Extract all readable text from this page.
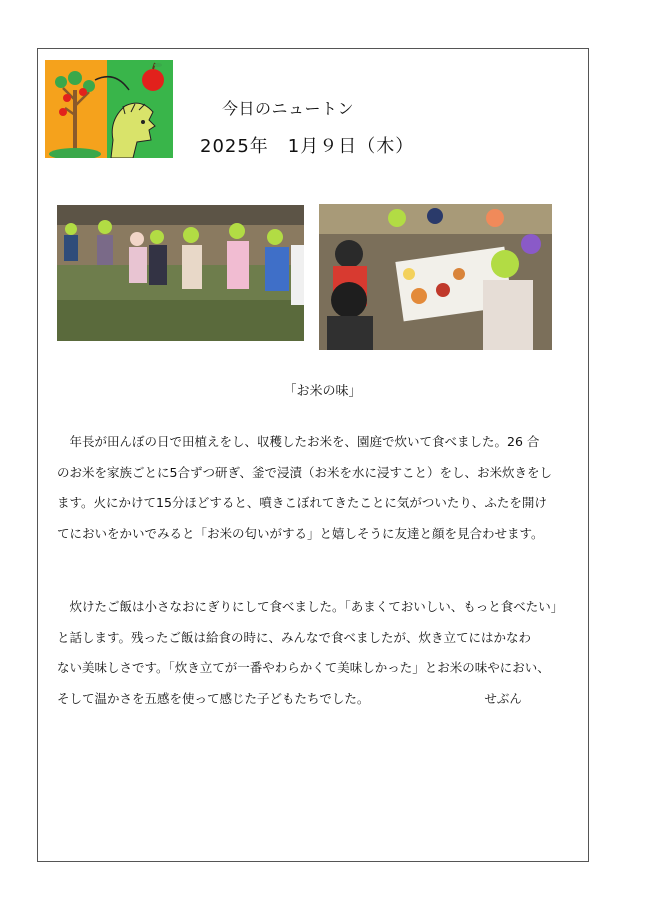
今日のニュートン
2025年　1月９日（木）
「お米の味」

　年長が田んぼの日で田植えをし、収穫したお米を、園庭で炊いて食べました。26 合
のお米を家族ごとに5合ずつ研ぎ、釜で浸漬（お米を水に浸すこと）をし、お米炊きをし
ます。火にかけて15分ほどすると、噴きこぼれてきたことに気がついたり、ふたを開け
てにおいをかいでみると「お米の匂いがする」と嬉しそうに友達と顔を見合わせます。

　炊けたご飯は小さなおにぎりにして食べました。「あまくておいしい、もっと食べたい」
と話します。残ったご飯は給食の時に、みんなで食べましたが、炊き立てにはかなわ
ない美味しさです。「炊き立てが一番やわらかくて美味しかった」とお米の味やにおい、
そして温かさを五感を使って感じた子どもたちでした。	せぶん
